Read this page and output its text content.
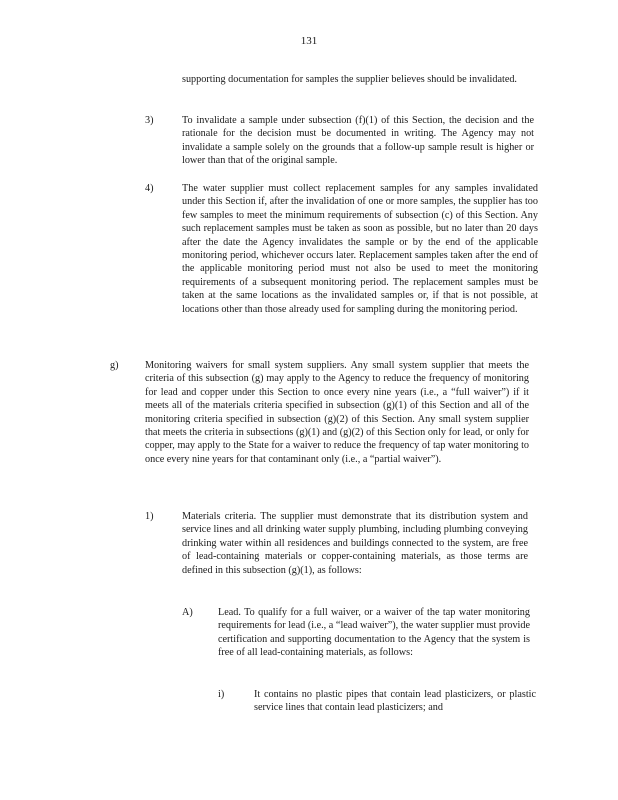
131
supporting documentation for samples the supplier believes should be invalidated.
3)	To invalidate a sample under subsection (f)(1) of this Section, the decision and the rationale for the decision must be documented in writing. The Agency may not invalidate a sample solely on the grounds that a follow-up sample result is higher or lower than that of the original sample.
4)	The water supplier must collect replacement samples for any samples invalidated under this Section if, after the invalidation of one or more samples, the supplier has too few samples to meet the minimum requirements of subsection (c) of this Section. Any such replacement samples must be taken as soon as possible, but no later than 20 days after the date the Agency invalidates the sample or by the end of the applicable monitoring period, whichever occurs later. Replacement samples taken after the end of the applicable monitoring period must not also be used to meet the monitoring requirements of a subsequent monitoring period. The replacement samples must be taken at the same locations as the invalidated samples or, if that is not possible, at locations other than those already used for sampling during the monitoring period.
g)	Monitoring waivers for small system suppliers. Any small system supplier that meets the criteria of this subsection (g) may apply to the Agency to reduce the frequency of monitoring for lead and copper under this Section to once every nine years (i.e., a “full waiver”) if it meets all of the materials criteria specified in subsection (g)(1) of this Section and all of the monitoring criteria specified in subsection (g)(2) of this Section. Any small system supplier that meets the criteria in subsections (g)(1) and (g)(2) of this Section only for lead, or only for copper, may apply to the State for a waiver to reduce the frequency of tap water monitoring to once every nine years for that contaminant only (i.e., a “partial waiver”).
1)	Materials criteria. The supplier must demonstrate that its distribution system and service lines and all drinking water supply plumbing, including plumbing conveying drinking water within all residences and buildings connected to the system, are free of lead-containing materials or copper-containing materials, as those terms are defined in this subsection (g)(1), as follows:
A) Lead. To qualify for a full waiver, or a waiver of the tap water monitoring requirements for lead (i.e., a “lead waiver”), the water supplier must provide certification and supporting documentation to the Agency that the system is free of all lead-containing materials, as follows:
i)	It contains no plastic pipes that contain lead plasticizers, or plastic service lines that contain lead plasticizers; and
